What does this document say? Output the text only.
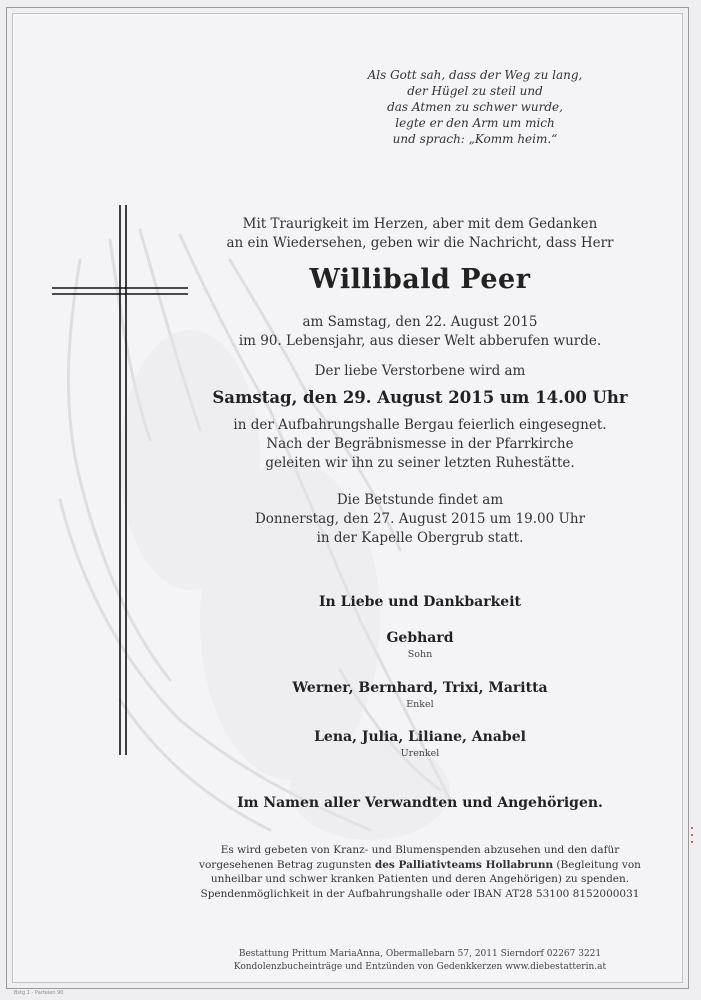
Als Gott sah, dass der Weg zu lang,
der Hügel zu steil und
das Atmen zu schwer wurde,
legte er den Arm um mich
und sprach: „Komm heim.“
Mit Traurigkeit im Herzen, aber mit dem Gedanken
an ein Wiedersehen, geben wir die Nachricht, dass Herr
Willibald Peer
am Samstag, den 22. August 2015
im 90. Lebensjahr, aus dieser Welt abberufen wurde.
Der liebe Verstorbene wird am
Samstag, den 29. August 2015 um 14.00 Uhr
in der Aufbahrungshalle Bergau feierlich eingesegnet.
Nach der Begräbnismesse in der Pfarrkirche
geleiten wir ihn zu seiner letzten Ruhestätte.
Die Betstunde findet am
Donnerstag, den 27. August 2015 um 19.00 Uhr
in der Kapelle Obergrub statt.
In Liebe und Dankbarkeit
Gebhard
Sohn
Werner, Bernhard, Trixi, Maritta
Enkel
Lena, Julia, Liliane, Anabel
Urenkel
Im Namen aller Verwandten und Angehörigen.
Es wird gebeten von Kranz- und Blumenspenden abzusehen und den dafür
vorgesehenen Betrag zugunsten des Palliativteams Hollabrunn (Begleitung von
unheilbar und schwer kranken Patienten und deren Angehörigen) zu spenden.
Spendenmöglichkeit in der Aufbahrungshalle oder IBAN AT28 53100 8152000031
Bestattung Prittum MariaAnna, Obermallebarn 57, 2011 Sierndorf 02267 3221
Kondolenzbucheinträge und Entzünden von Gedenkkerzen www.diebestatterin.at
Bstg 1 - Parteien 90
